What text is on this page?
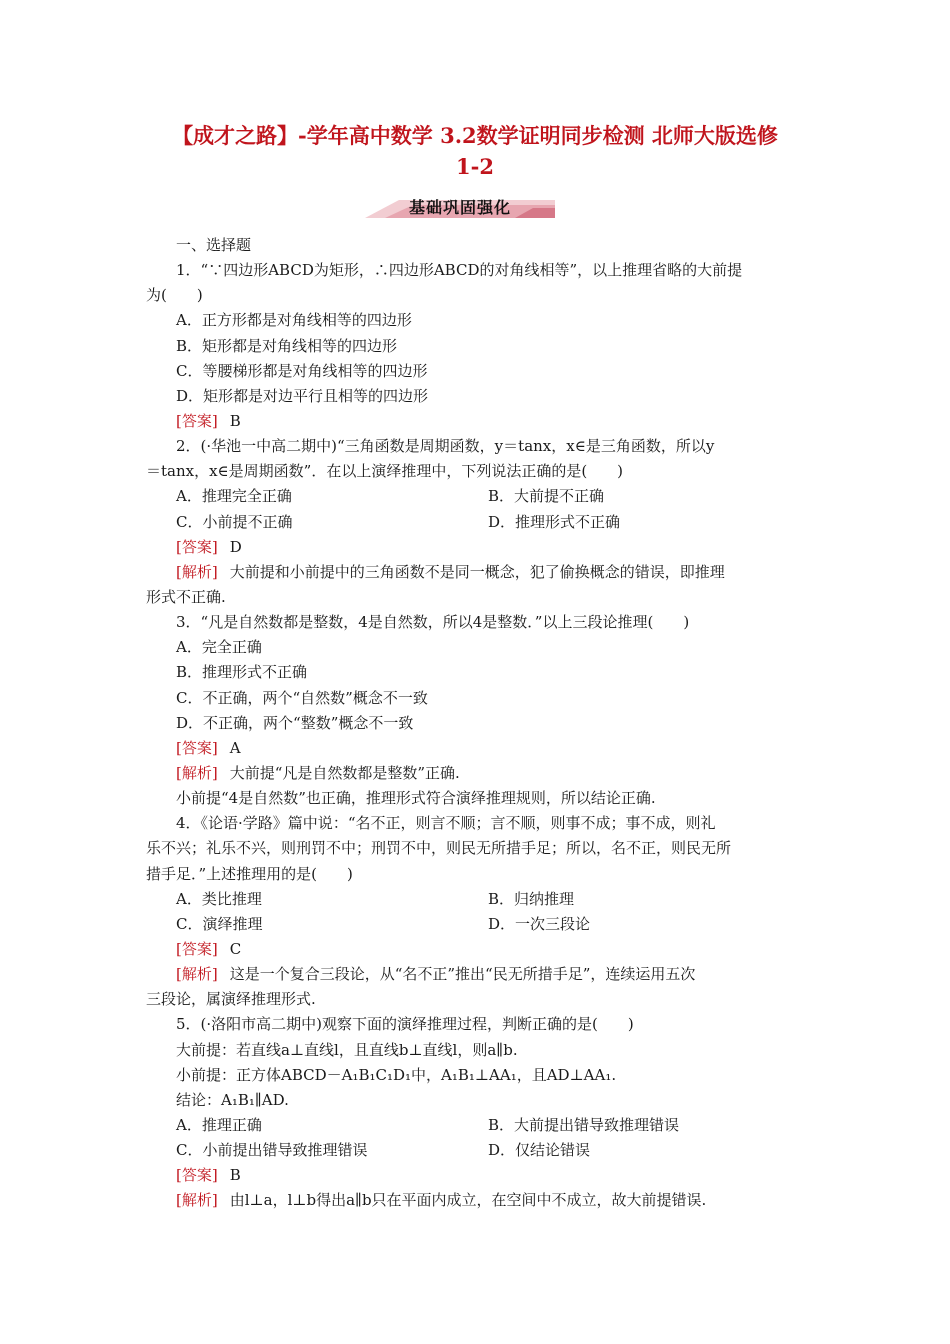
【成才之路】-学年高中数学 3.2数学证明同步检测 北师大版选修
1-2
基础巩固强化
一、选择题
1．“∵四边形ABCD为矩形，∴四边形ABCD的对角线相等”，以上推理省略的大前提
为(　　)
A．正方形都是对角线相等的四边形
B．矩形都是对角线相等的四边形
C．等腰梯形都是对角线相等的四边形
D．矩形都是对边平行且相等的四边形
[答案] B
2．(·华池一中高二期中)“三角函数是周期函数，y＝tanx，x∈是三角函数，所以y
＝tanx，x∈是周期函数”．在以上演绎推理中，下列说法正确的是(　　)
A．推理完全正确	B．大前提不正确
C．小前提不正确	D．推理形式不正确
[答案] D
[解析] 大前提和小前提中的三角函数不是同一概念，犯了偷换概念的错误，即推理
形式不正确.
3．“凡是自然数都是整数，4是自然数，所以4是整数．”以上三段论推理(　　)
A．完全正确
B．推理形式不正确
C．不正确，两个“自然数”概念不一致
D．不正确，两个“整数”概念不一致
[答案] A
[解析] 大前提“凡是自然数都是整数”正确.
小前提“4是自然数”也正确，推理形式符合演绎推理规则，所以结论正确.
4．《论语·学路》篇中说：“名不正，则言不顺；言不顺，则事不成；事不成，则礼
乐不兴；礼乐不兴，则刑罚不中；刑罚不中，则民无所措手足；所以，名不正，则民无所
措手足．”上述推理用的是(　　)
A．类比推理	B．归纳推理
C．演绎推理	D．一次三段论
[答案] C
[解析] 这是一个复合三段论，从“名不正”推出“民无所措手足”，连续运用五次
三段论，属演绎推理形式.
5．(·洛阳市高二期中)观察下面的演绎推理过程，判断正确的是(　　)
大前提：若直线a⊥直线l，且直线b⊥直线l，则a∥b.
小前提：正方体ABCD－A₁B₁C₁D₁中，A₁B₁⊥AA₁，且AD⊥AA₁.
结论：A₁B₁∥AD.
A．推理正确	B．大前提出错导致推理错误
C．小前提出错导致推理错误	D．仅结论错误
[答案] B
[解析] 由l⊥a，l⊥b得出a∥b只在平面内成立，在空间中不成立，故大前提错误.
